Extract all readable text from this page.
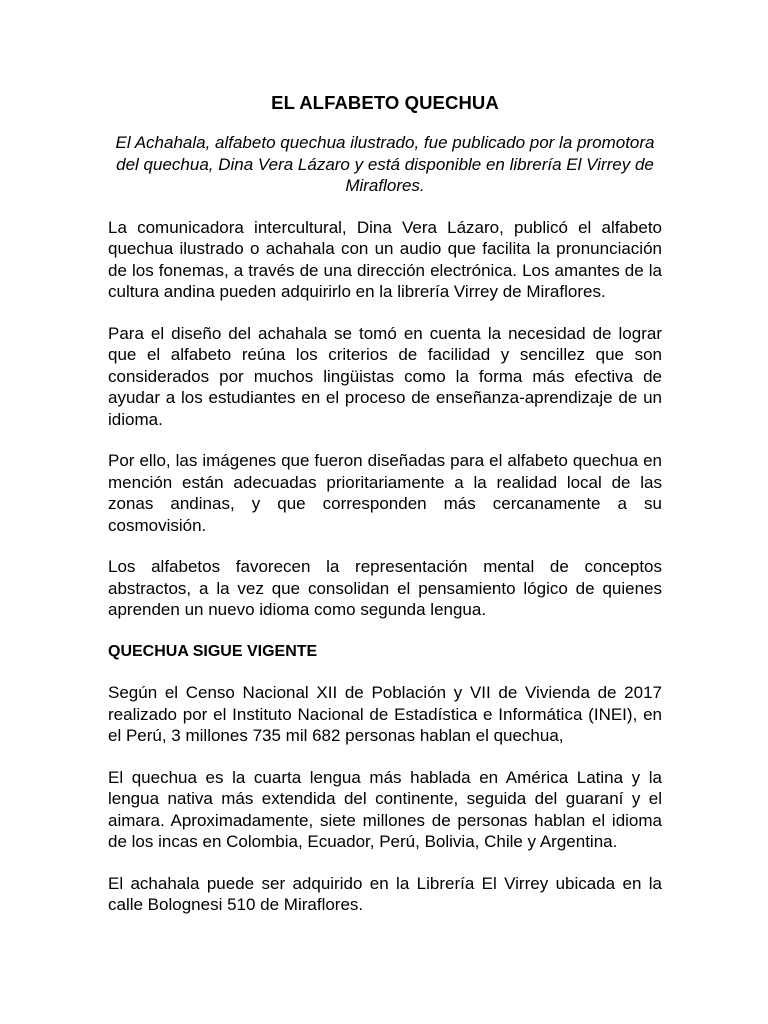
EL ALFABETO QUECHUA

El Achahala, alfabeto quechua ilustrado, fue publicado por la promotora del quechua, Dina Vera Lázaro y está disponible en librería El Virrey de Miraflores.

La comunicadora intercultural, Dina Vera Lázaro, publicó el alfabeto quechua ilustrado o achahala con un audio que facilita la pronunciación de los fonemas, a través de una dirección electrónica. Los amantes de la cultura andina pueden adquirirlo en la librería Virrey de Miraflores.

Para el diseño del achahala se tomó en cuenta la necesidad de lograr que el alfabeto reúna los criterios de facilidad y sencillez que son considerados por muchos lingüistas como la forma más efectiva de ayudar a los estudiantes en el proceso de enseñanza-aprendizaje de un idioma.

Por ello, las imágenes que fueron diseñadas para el alfabeto quechua en mención están adecuadas prioritariamente a la realidad local de las zonas andinas, y que corresponden más cercanamente a su cosmovisión.

Los alfabetos favorecen la representación mental de conceptos abstractos, a la vez que consolidan el pensamiento lógico de quienes aprenden un nuevo idioma como segunda lengua.

QUECHUA SIGUE VIGENTE

Según el Censo Nacional XII de Población y VII de Vivienda de 2017 realizado por el Instituto Nacional de Estadística e Informática (INEI), en el Perú, 3 millones 735 mil 682 personas hablan el quechua,

El quechua es la cuarta lengua más hablada en América Latina y la lengua nativa más extendida del continente, seguida del guaraní y el aimara. Aproximadamente, siete millones de personas hablan el idioma de los incas en Colombia, Ecuador, Perú, Bolivia, Chile y Argentina.

El achahala puede ser adquirido en la Librería El Virrey ubicada en la calle Bolognesi 510 de Miraflores.
